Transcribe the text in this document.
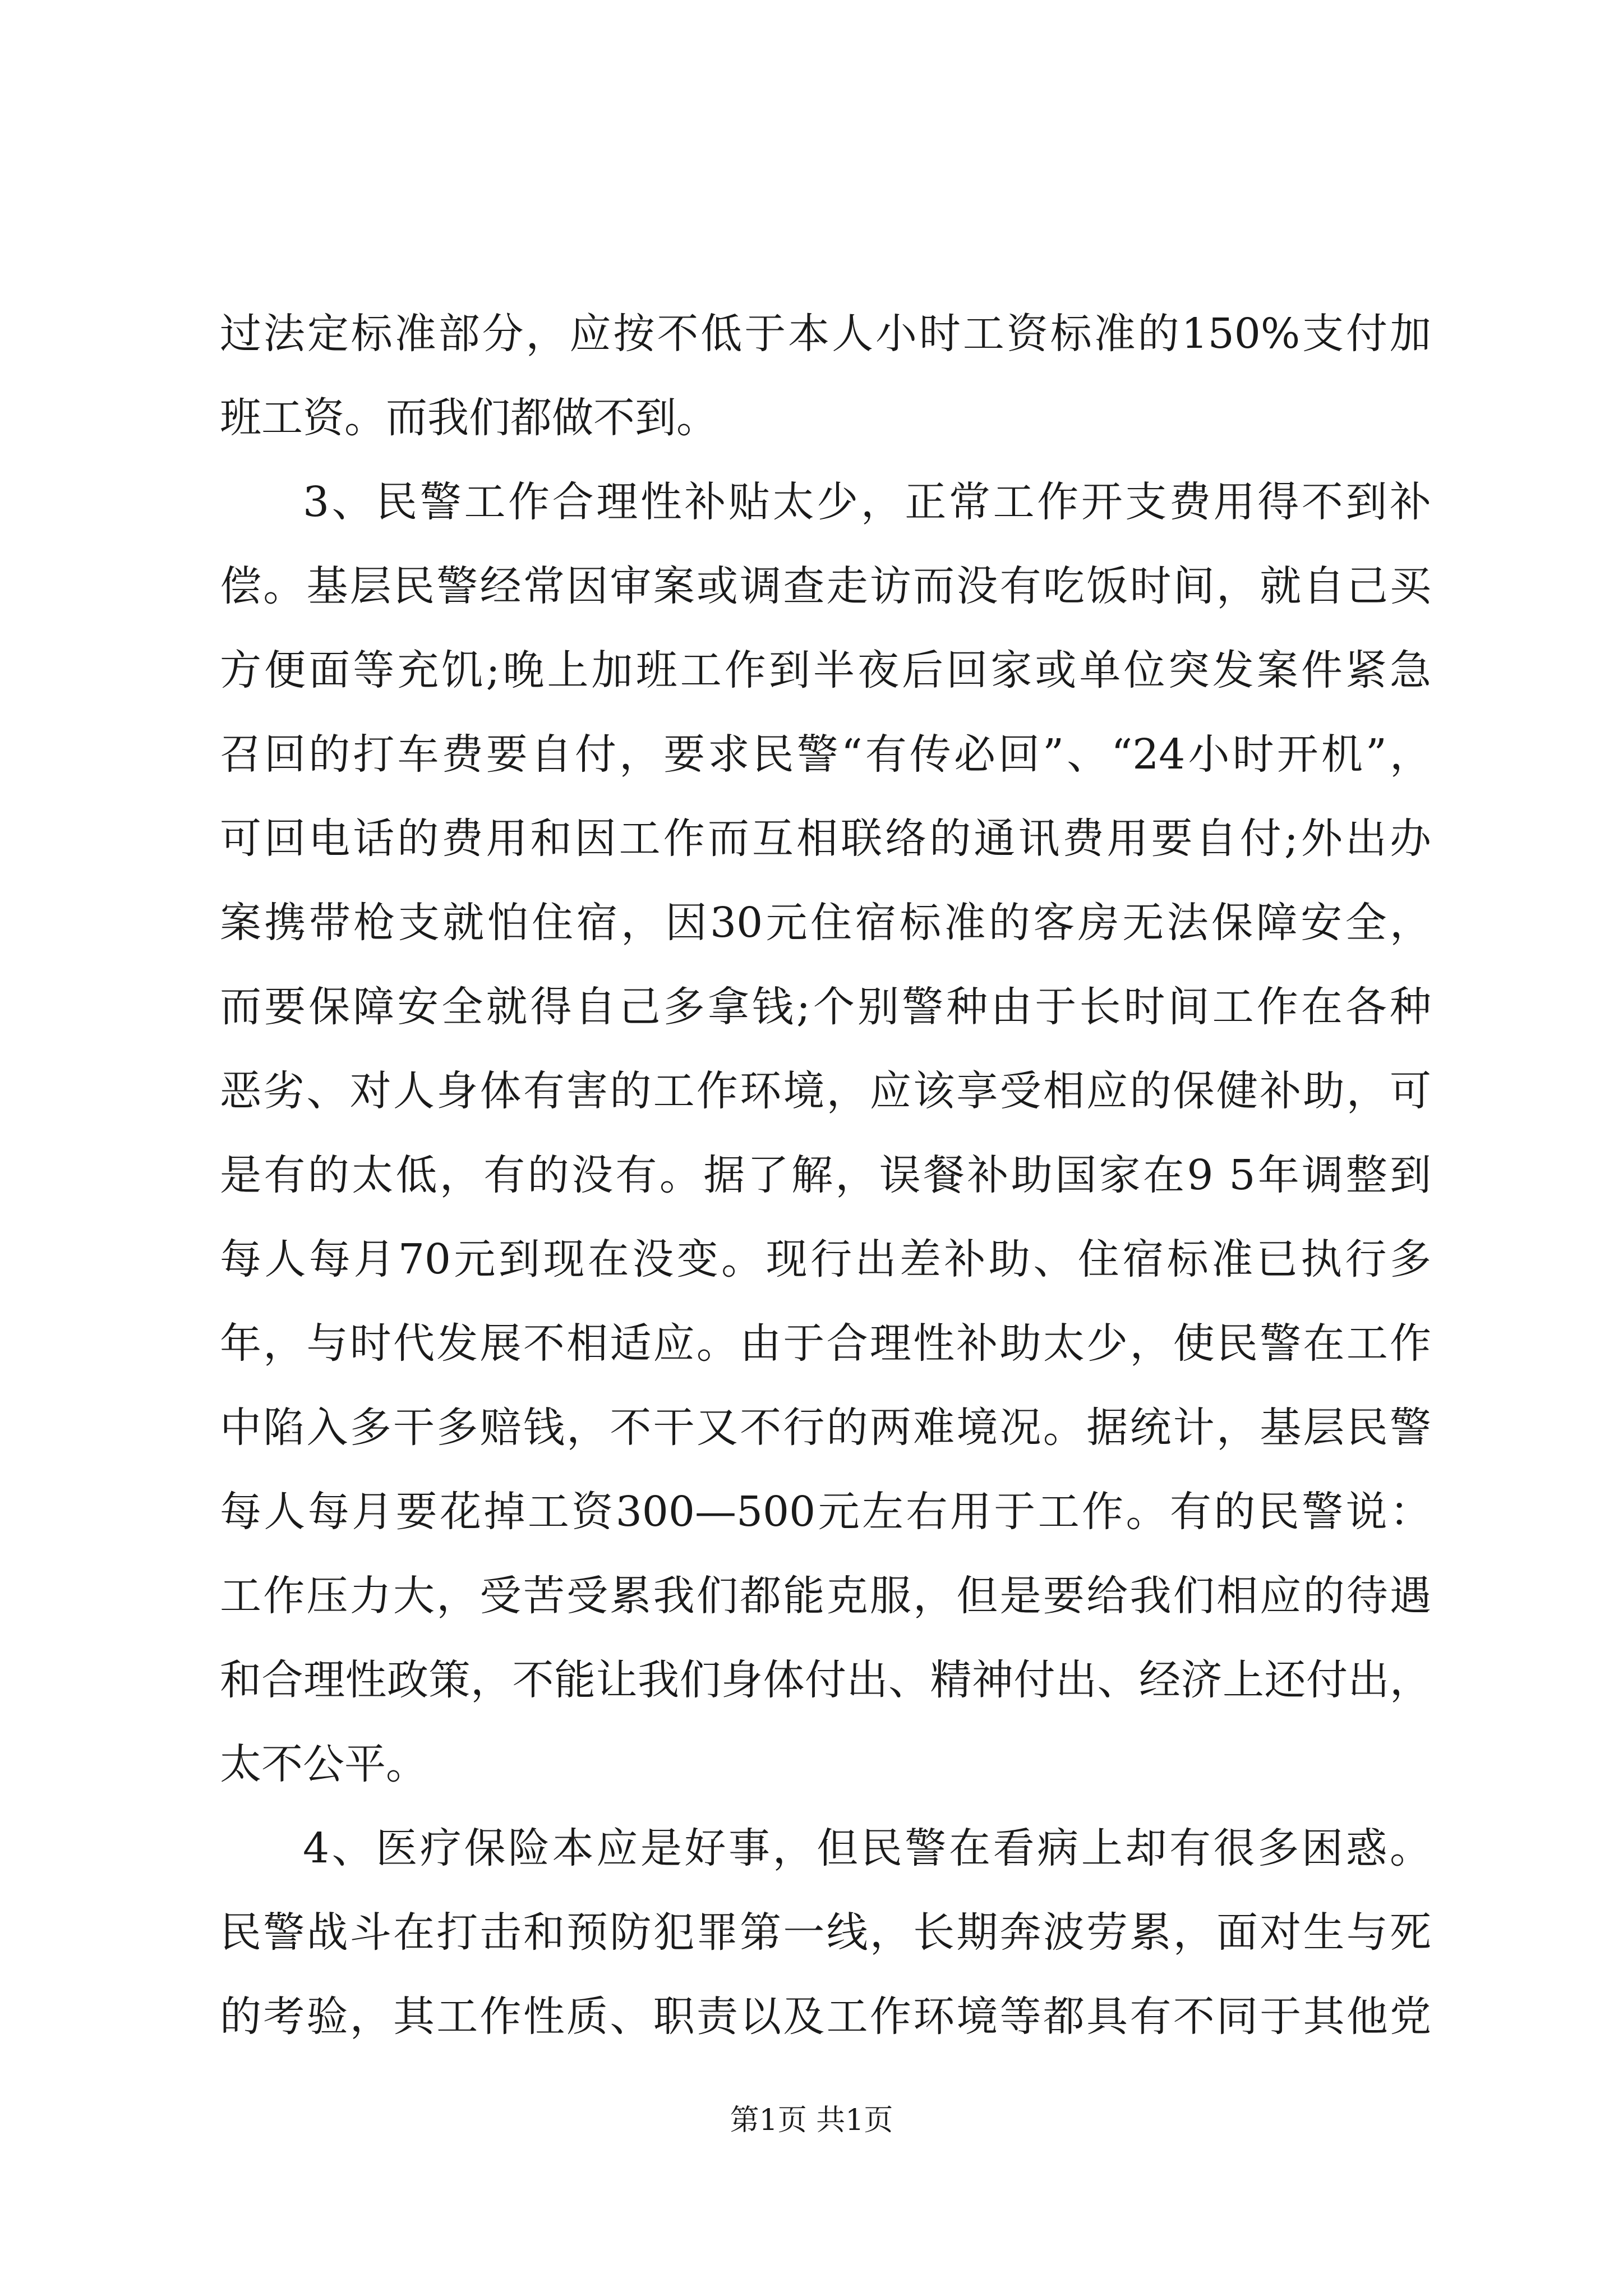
过法定标准部分，应按不低于本人小时工资标准的150%支付加
班工资。而我们都做不到。
3、民警工作合理性补贴太少，正常工作开支费用得不到补
偿。基层民警经常因审案或调查走访而没有吃饭时间，就自己买
方便面等充饥;晚上加班工作到半夜后回家或单位突发案件紧急
召回的打车费要自付，要求民警“有传必回”、“24小时开机”，
可回电话的费用和因工作而互相联络的通讯费用要自付;外出办
案携带枪支就怕住宿，因30元住宿标准的客房无法保障安全，
而要保障安全就得自己多拿钱;个别警种由于长时间工作在各种
恶劣、对人身体有害的工作环境，应该享受相应的保健补助，可
是有的太低，有的没有。据了解，误餐补助国家在9 5年调整到
每人每月70元到现在没变。现行出差补助、住宿标准已执行多
年，与时代发展不相适应。由于合理性补助太少，使民警在工作
中陷入多干多赔钱，不干又不行的两难境况。据统计，基层民警
每人每月要花掉工资300—500元左右用于工作。有的民警说：
工作压力大，受苦受累我们都能克服，但是要给我们相应的待遇
和合理性政策，不能让我们身体付出、精神付出、经济上还付出，
太不公平。
4、医疗保险本应是好事，但民警在看病上却有很多困惑。
民警战斗在打击和预防犯罪第一线，长期奔波劳累，面对生与死
的考验，其工作性质、职责以及工作环境等都具有不同于其他党
第1页 共1页
